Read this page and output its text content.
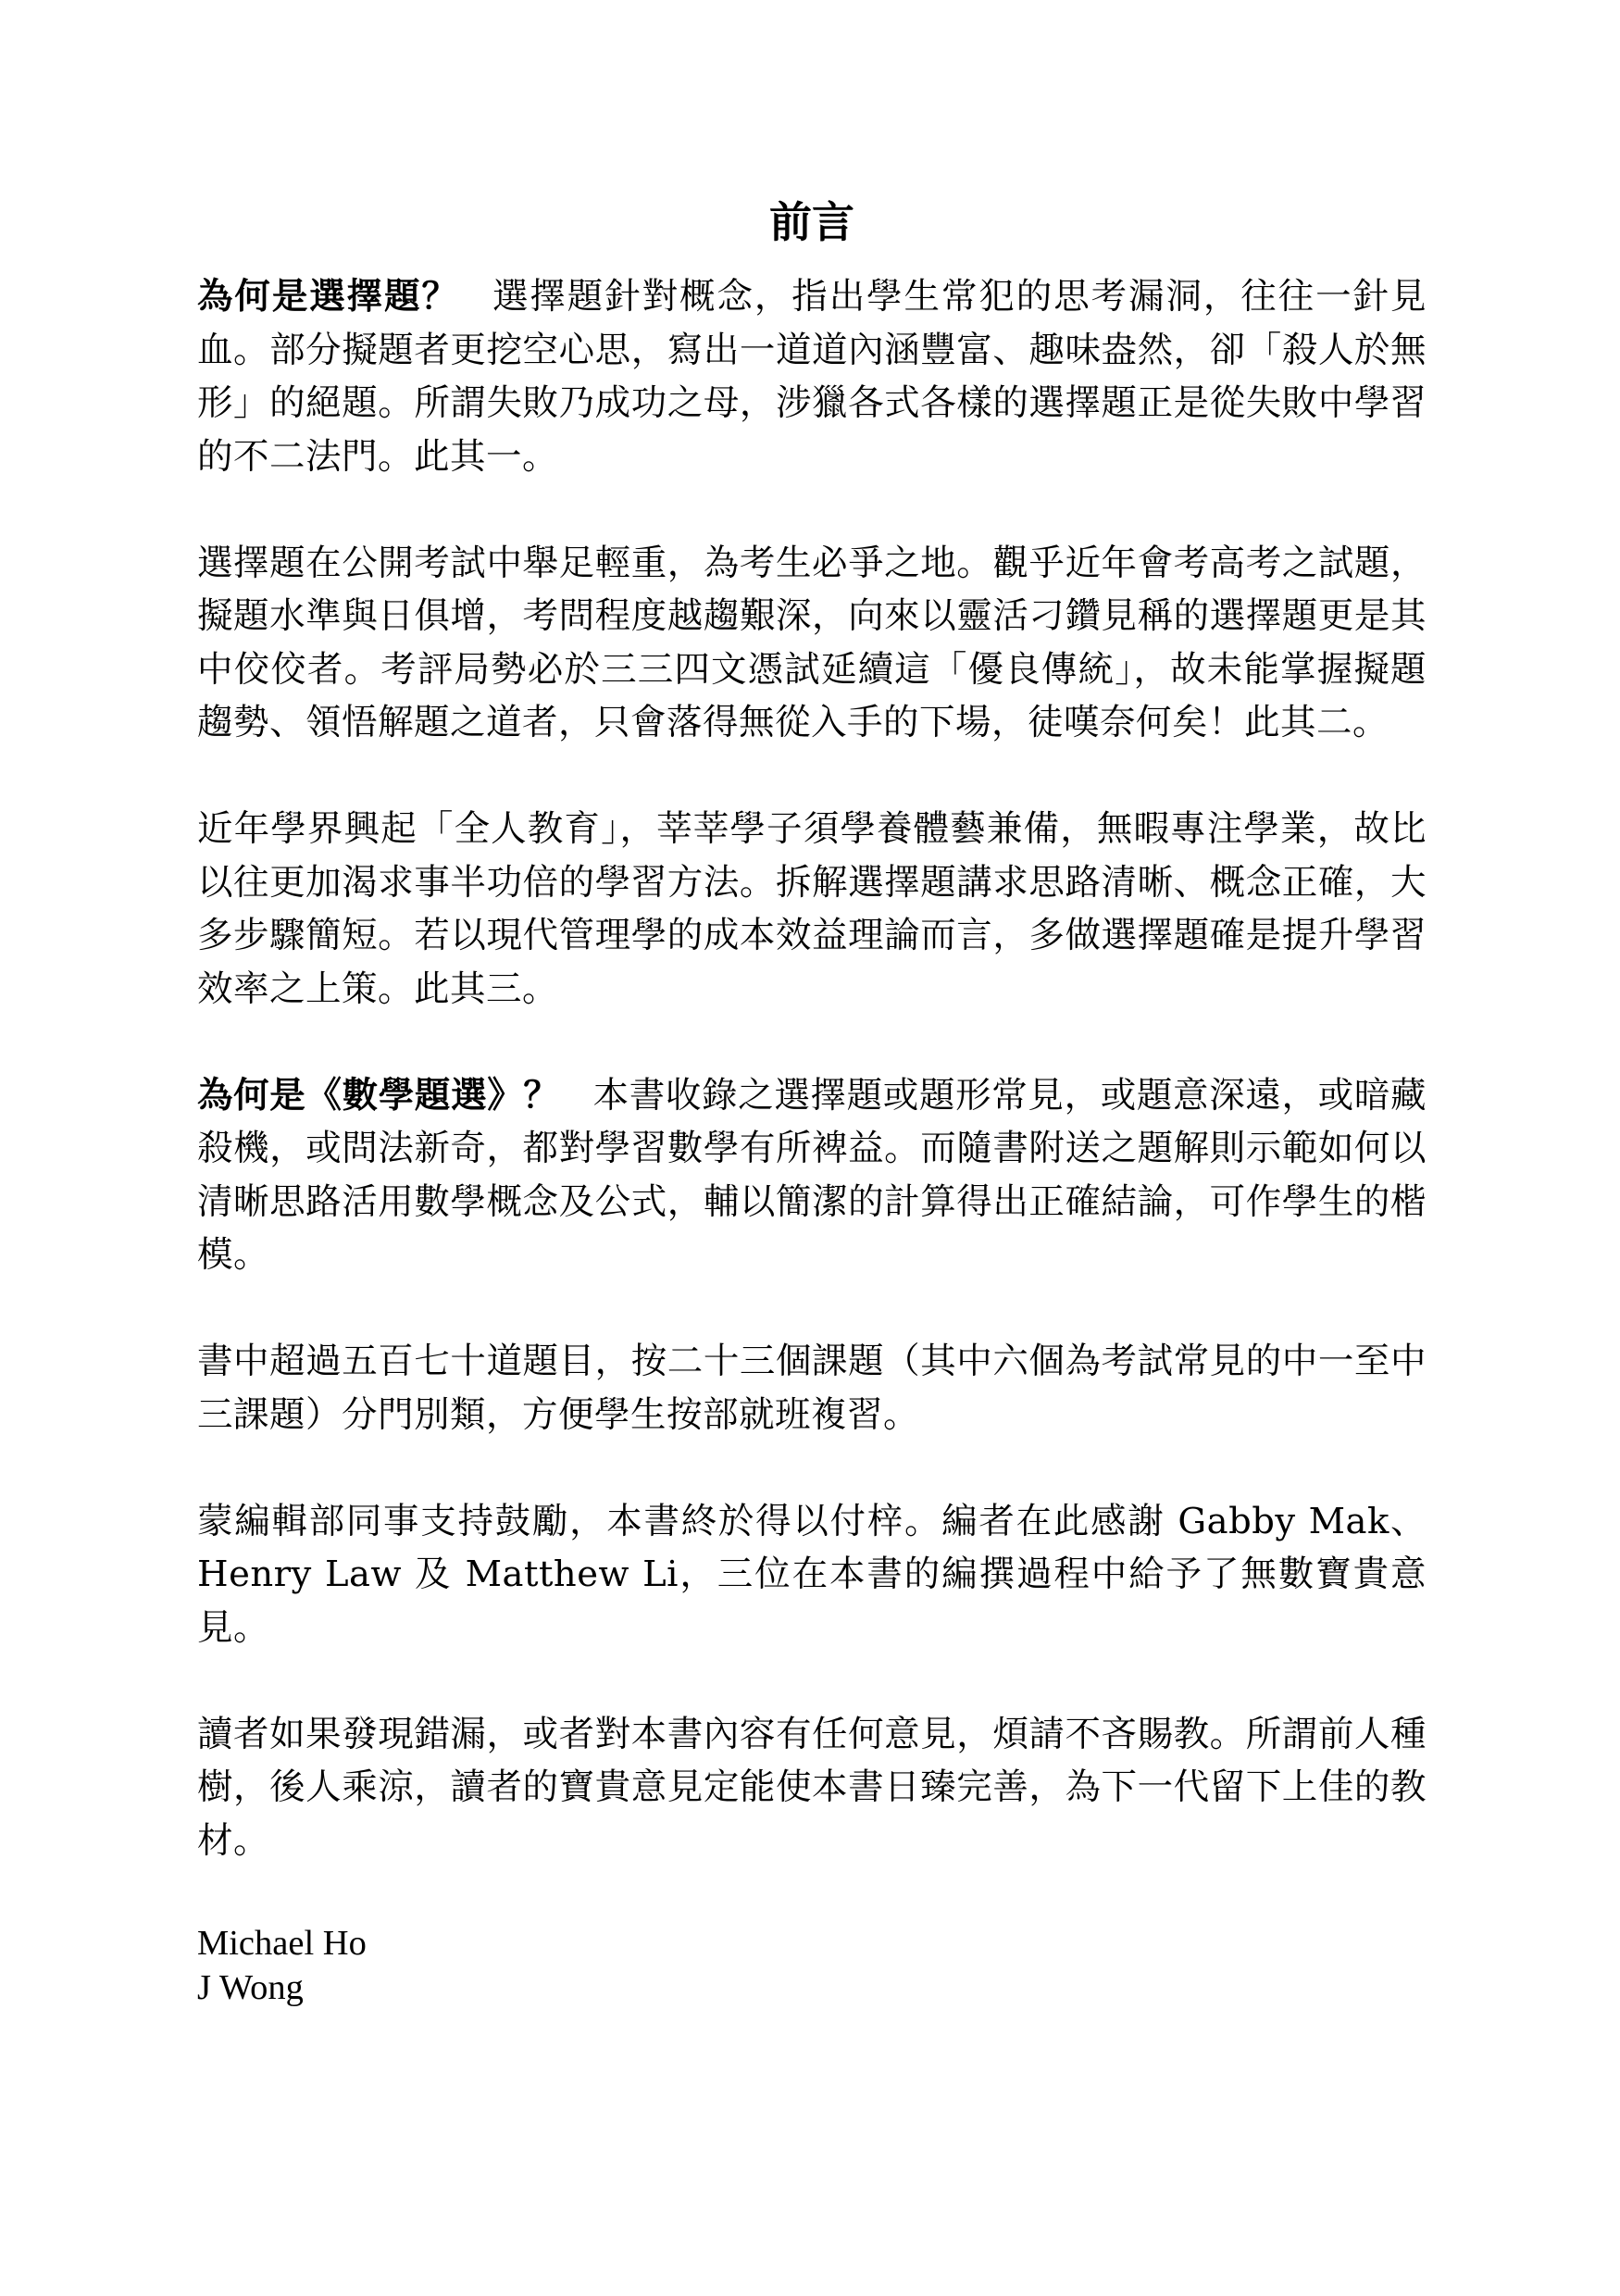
前言

為何是選擇題？ 選擇題針對概念，指出學生常犯的思考漏洞，往往一針見血。部分擬題者更挖空心思，寫出一道道內涵豐富、趣味盎然，卻「殺人於無形」的絕題。所謂失敗乃成功之母，涉獵各式各樣的選擇題正是從失敗中學習的不二法門。此其一。

選擇題在公開考試中舉足輕重，為考生必爭之地。觀乎近年會考高考之試題，擬題水準與日俱增，考問程度越趨艱深，向來以靈活刁鑽見稱的選擇題更是其中佼佼者。考評局勢必於三三四文憑試延續這「優良傳統」，故未能掌握擬題趨勢、領悟解題之道者，只會落得無從入手的下場，徒嘆奈何矣！此其二。

近年學界興起「全人教育」，莘莘學子須學養體藝兼備，無暇專注學業，故比以往更加渴求事半功倍的學習方法。拆解選擇題講求思路清晰、概念正確，大多步驟簡短。若以現代管理學的成本效益理論而言，多做選擇題確是提升學習效率之上策。此其三。

為何是《數學題選》？ 本書收錄之選擇題或題形常見，或題意深遠，或暗藏殺機，或問法新奇，都對學習數學有所裨益。而隨書附送之題解則示範如何以清晰思路活用數學概念及公式，輔以簡潔的計算得出正確結論，可作學生的楷模。

書中超過五百七十道題目，按二十三個課題（其中六個為考試常見的中一至中三課題）分門別類，方便學生按部就班複習。

蒙編輯部同事支持鼓勵，本書終於得以付梓。編者在此感謝 Gabby Mak、Henry Law 及 Matthew Li，三位在本書的編撰過程中給予了無數寶貴意見。

讀者如果發現錯漏，或者對本書內容有任何意見，煩請不吝賜教。所謂前人種樹，後人乘涼，讀者的寶貴意見定能使本書日臻完善，為下一代留下上佳的教材。

Michael Ho
J Wong
